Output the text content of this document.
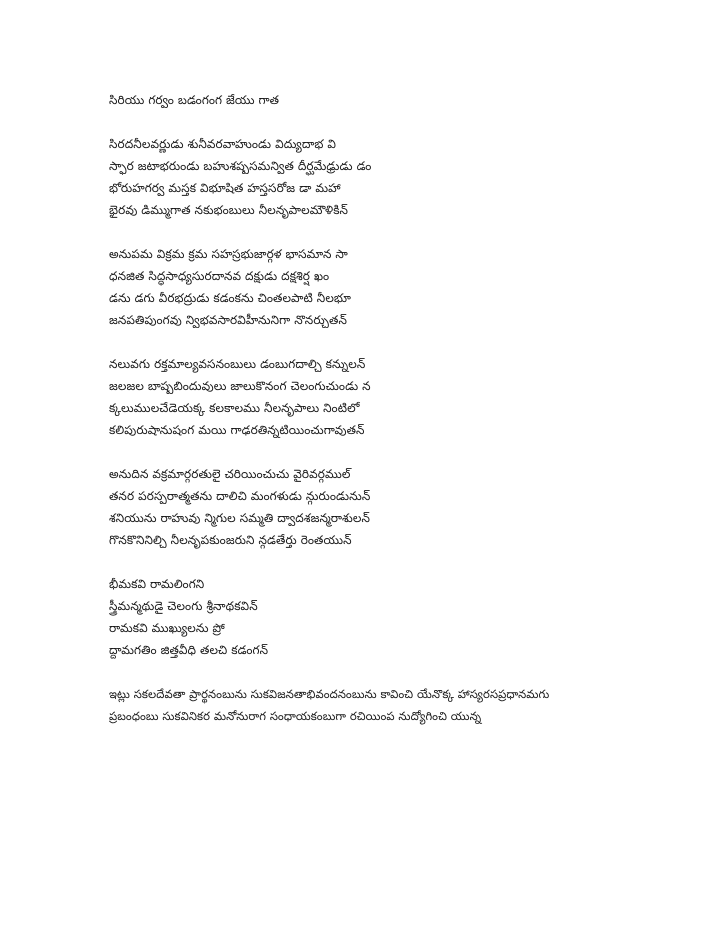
సిరియు గర్వం బడంగంగ జేయు గాత
సిరదనీలవర్ణుడు శునీవరవాహుండు విద్యుదాభ వి
స్ఫార జటాభరుండు బహుశష్పసమన్విత దీర్ఘమేఢ్రుడు డం
భోరుహగర్వ మస్తక విభూషిత హస్తసరోజ డా మహా
భైరవు డిమ్ముగాత నకుభంబులు నీలనృపాలమౌళికిన్
అనుపమ విక్రమ క్రమ సహస్రభుజార్గళ భాసమాన సా
ధనజిత సిద్ధసాధ్యసురదానవ దక్షుడు దక్షశిర్ష ఖం
డను డగు వీరభద్రుడు కడంకను చింతలపాటి నీలభూ
జనపతిపుంగవు న్విభవసారవిహీనునిగా నొనర్చుతన్
నలువగు రక్తమాల్యవసనంబులు డంబుగదాల్చి కన్నులన్
జలజల బాష్పబిందువులు జాలుకొనంగ చెలంగుచుండు న
క్కలుములచేడెయక్క కలకాలము నీలనృపాలు నింటిలో
కలిపురుషానుషంగ మయి గాఢరతిన్నటియించుగావుతన్
అనుదిన వక్రమార్గరతులై చరియించుచు వైరివర్గముల్
తనర పరస్పరాత్మతను దాలిచి మంగళుడు న్గురుండునున్
శనియును రాహువు న్మిగుల సమ్మతి ద్వాదశజన్మరాశులన్
గొనకొనినిల్చి నీలనృపకుంజరుని న్గడతేర్తు రెంతయున్
భీమకవి రామలింగని
స్త్రీమన్మథుడై చెలంగు శ్రీనాథకవిన్
రామకవి ముఖ్యులను ప్రో
ద్దామగతిం జిత్తవీధి తలచి కడంగన్
ఇట్లు సకలదేవతా ప్రార్థనంబును సుకవిజనతాభివందనంబును కావించి యేనొక్క హాస్యరసప్రధానమగు
ప్రబంధంబు సుకవినికర మనోనురాగ సంధాయకంబుగా రచియింప నుద్యోగించి యున్న
